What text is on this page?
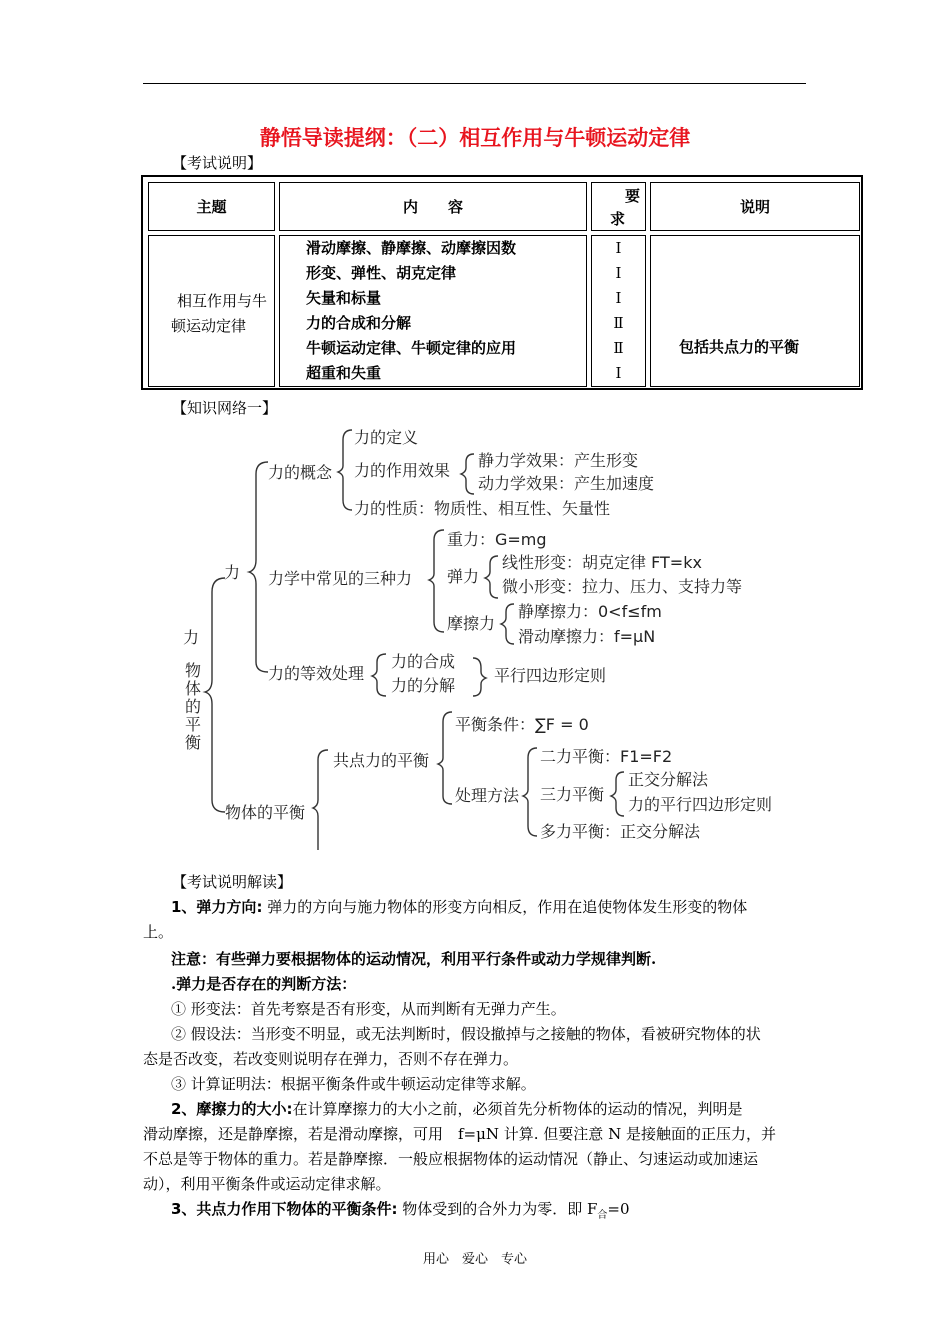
静悟导读提纲：（二）相互作用与牛顿运动定律
【考试说明】
主题	内　　容
要
求
说明
相互作用与牛
顿运动定律
滑动摩擦、静摩擦、动摩擦因数
形变、弹性、胡克定律
矢量和标量
力的合成和分解
牛顿运动定律、牛顿定律的应用
超重和失重
I
I
I
Ⅱ
Ⅱ
I
包括共点力的平衡
【知识网络一】
力
物
体
的
平
衡
力
力的概念
力的定义
力的作用效果
静力学效果：产生形变
动力学效果：产生加速度
力的性质：物质性、相互性、矢量性
力学中常见的三种力
重力：G=mg
弹力
线性形变：胡克定律 FT=kx
微小形变：拉力、压力、支持力等
摩擦力
静摩擦力：0<f≤fm
滑动摩擦力：f=μN
力的等效处理
力的合成
力的分解
平行四边形定则
物体的平衡
共点力的平衡
平衡条件：∑F = 0
处理方法
二力平衡：F1=F2
三力平衡
正交分解法
力的平行四边形定则
多力平衡：正交分解法
【考试说明解读】
1、弹力方向: 弹力的方向与施力物体的形变方向相反，作用在追使物体发生形变的物体
上。
注意：有些弹力要根据物体的运动情况，利用平行条件或动力学规律判断.
.弹力是否存在的判断方法：
① 形变法：首先考察是否有形变，从而判断有无弹力产生。
② 假设法：当形变不明显，或无法判断时，假设撤掉与之接触的物体，看被研究物体的状
态是否改变，若改变则说明存在弹力，否则不存在弹力。
③ 计算证明法：根据平衡条件或牛顿运动定律等求解。
2、摩擦力的大小:在计算摩擦力的大小之前，必须首先分析物体的运动的情况，判明是
滑动摩擦，还是静摩擦，若是滑动摩擦，可用　f=μN 计算. 但要注意 N 是接触面的正压力，并
不总是等于物体的重力。若是静摩擦．一般应根据物体的运动情况（静止、匀速运动或加速运
动），利用平衡条件或运动定律求解。
3、共点力作用下物体的平衡条件: 物体受到的合外力为零．即 $F_合=0$
用心　爱心　专心
